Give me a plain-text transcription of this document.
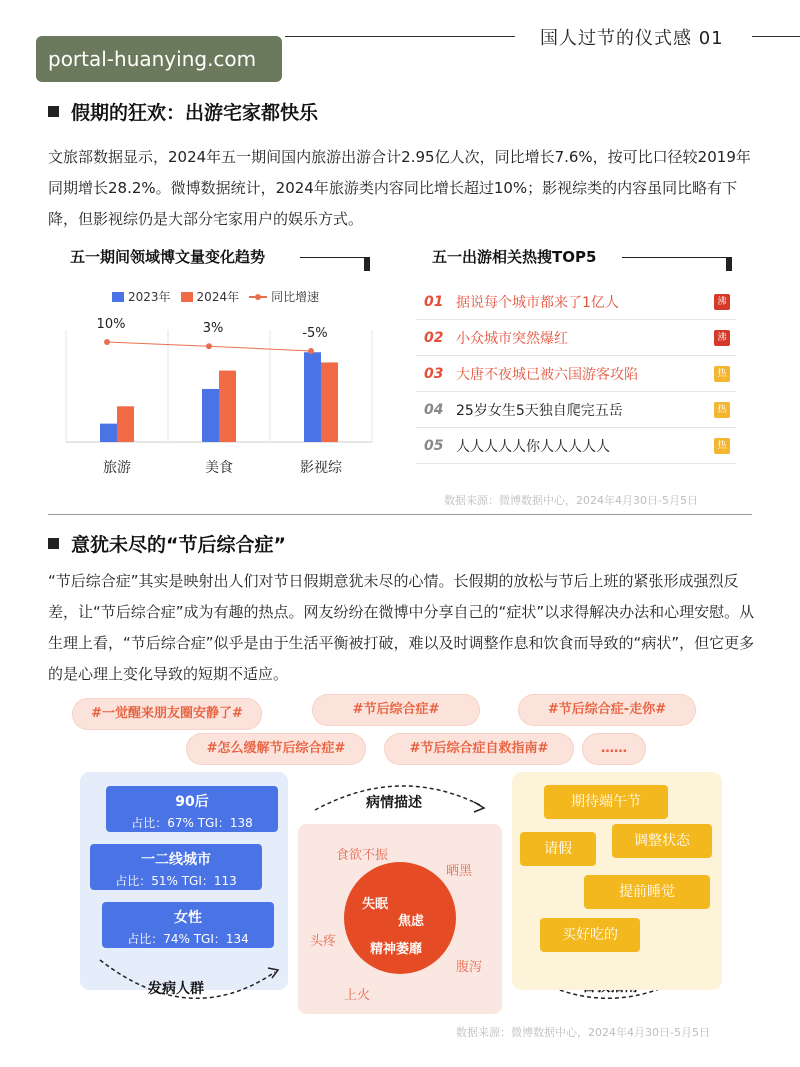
国人过节的仪式感 01
portal-huanying.com
假期的狂欢：出游宅家都快乐
文旅部数据显示，2024年五一期间国内旅游出游合计2.95亿人次，同比增长7.6%，按可比口径较2019年同期增长28.2%。微博数据统计，2024年旅游类内容同比增长超过10%；影视综类的内容虽同比略有下降，但影视综仍是大部分宅家用户的娱乐方式。
五一期间领域博文量变化趋势
2023年	2024年	同比增速
旅游	美食	影视综
10%	3%	-5%
五一出游相关热搜TOP5
01 据说每个城市都来了1亿人	沸
02 小众城市突然爆红	沸
03 大唐不夜城已被六国游客攻陷	热
04 25岁女生5天独自爬完五岳	热
05 人人人人人你人人人人人	热
数据来源：微博数据中心，2024年4月30日-5月5日
意犹未尽的“节后综合症”
“节后综合症”其实是映射出人们对节日假期意犹未尽的心情。长假期的放松与节后上班的紧张形成强烈反差，让“节后综合症”成为有趣的热点。网友纷纷在微博中分享自己的“症状”以求得解决办法和心理安慰。从生理上看，“节后综合症”似乎是由于生活平衡被打破，难以及时调整作息和饮食而导致的“病状”，但它更多的是心理上变化导致的短期不适应。
#一觉醒来朋友圈安静了#	#节后综合症#	#节后综合症-走你#
#怎么缓解节后综合症#	#节后综合症自救指南#	……
90后
占比：67% TGI：138
一二线城市
占比：51% TGI：113
女性
占比：74% TGI：134
发病人群
病情描述
失眠
焦虑
精神萎靡
食欲不振
晒黑
头疼
腹泻
上火
期待端午节
请假	调整状态
提前睡觉
买好吃的
数据来源：微博数据中心，2024年4月30日-5月5日
